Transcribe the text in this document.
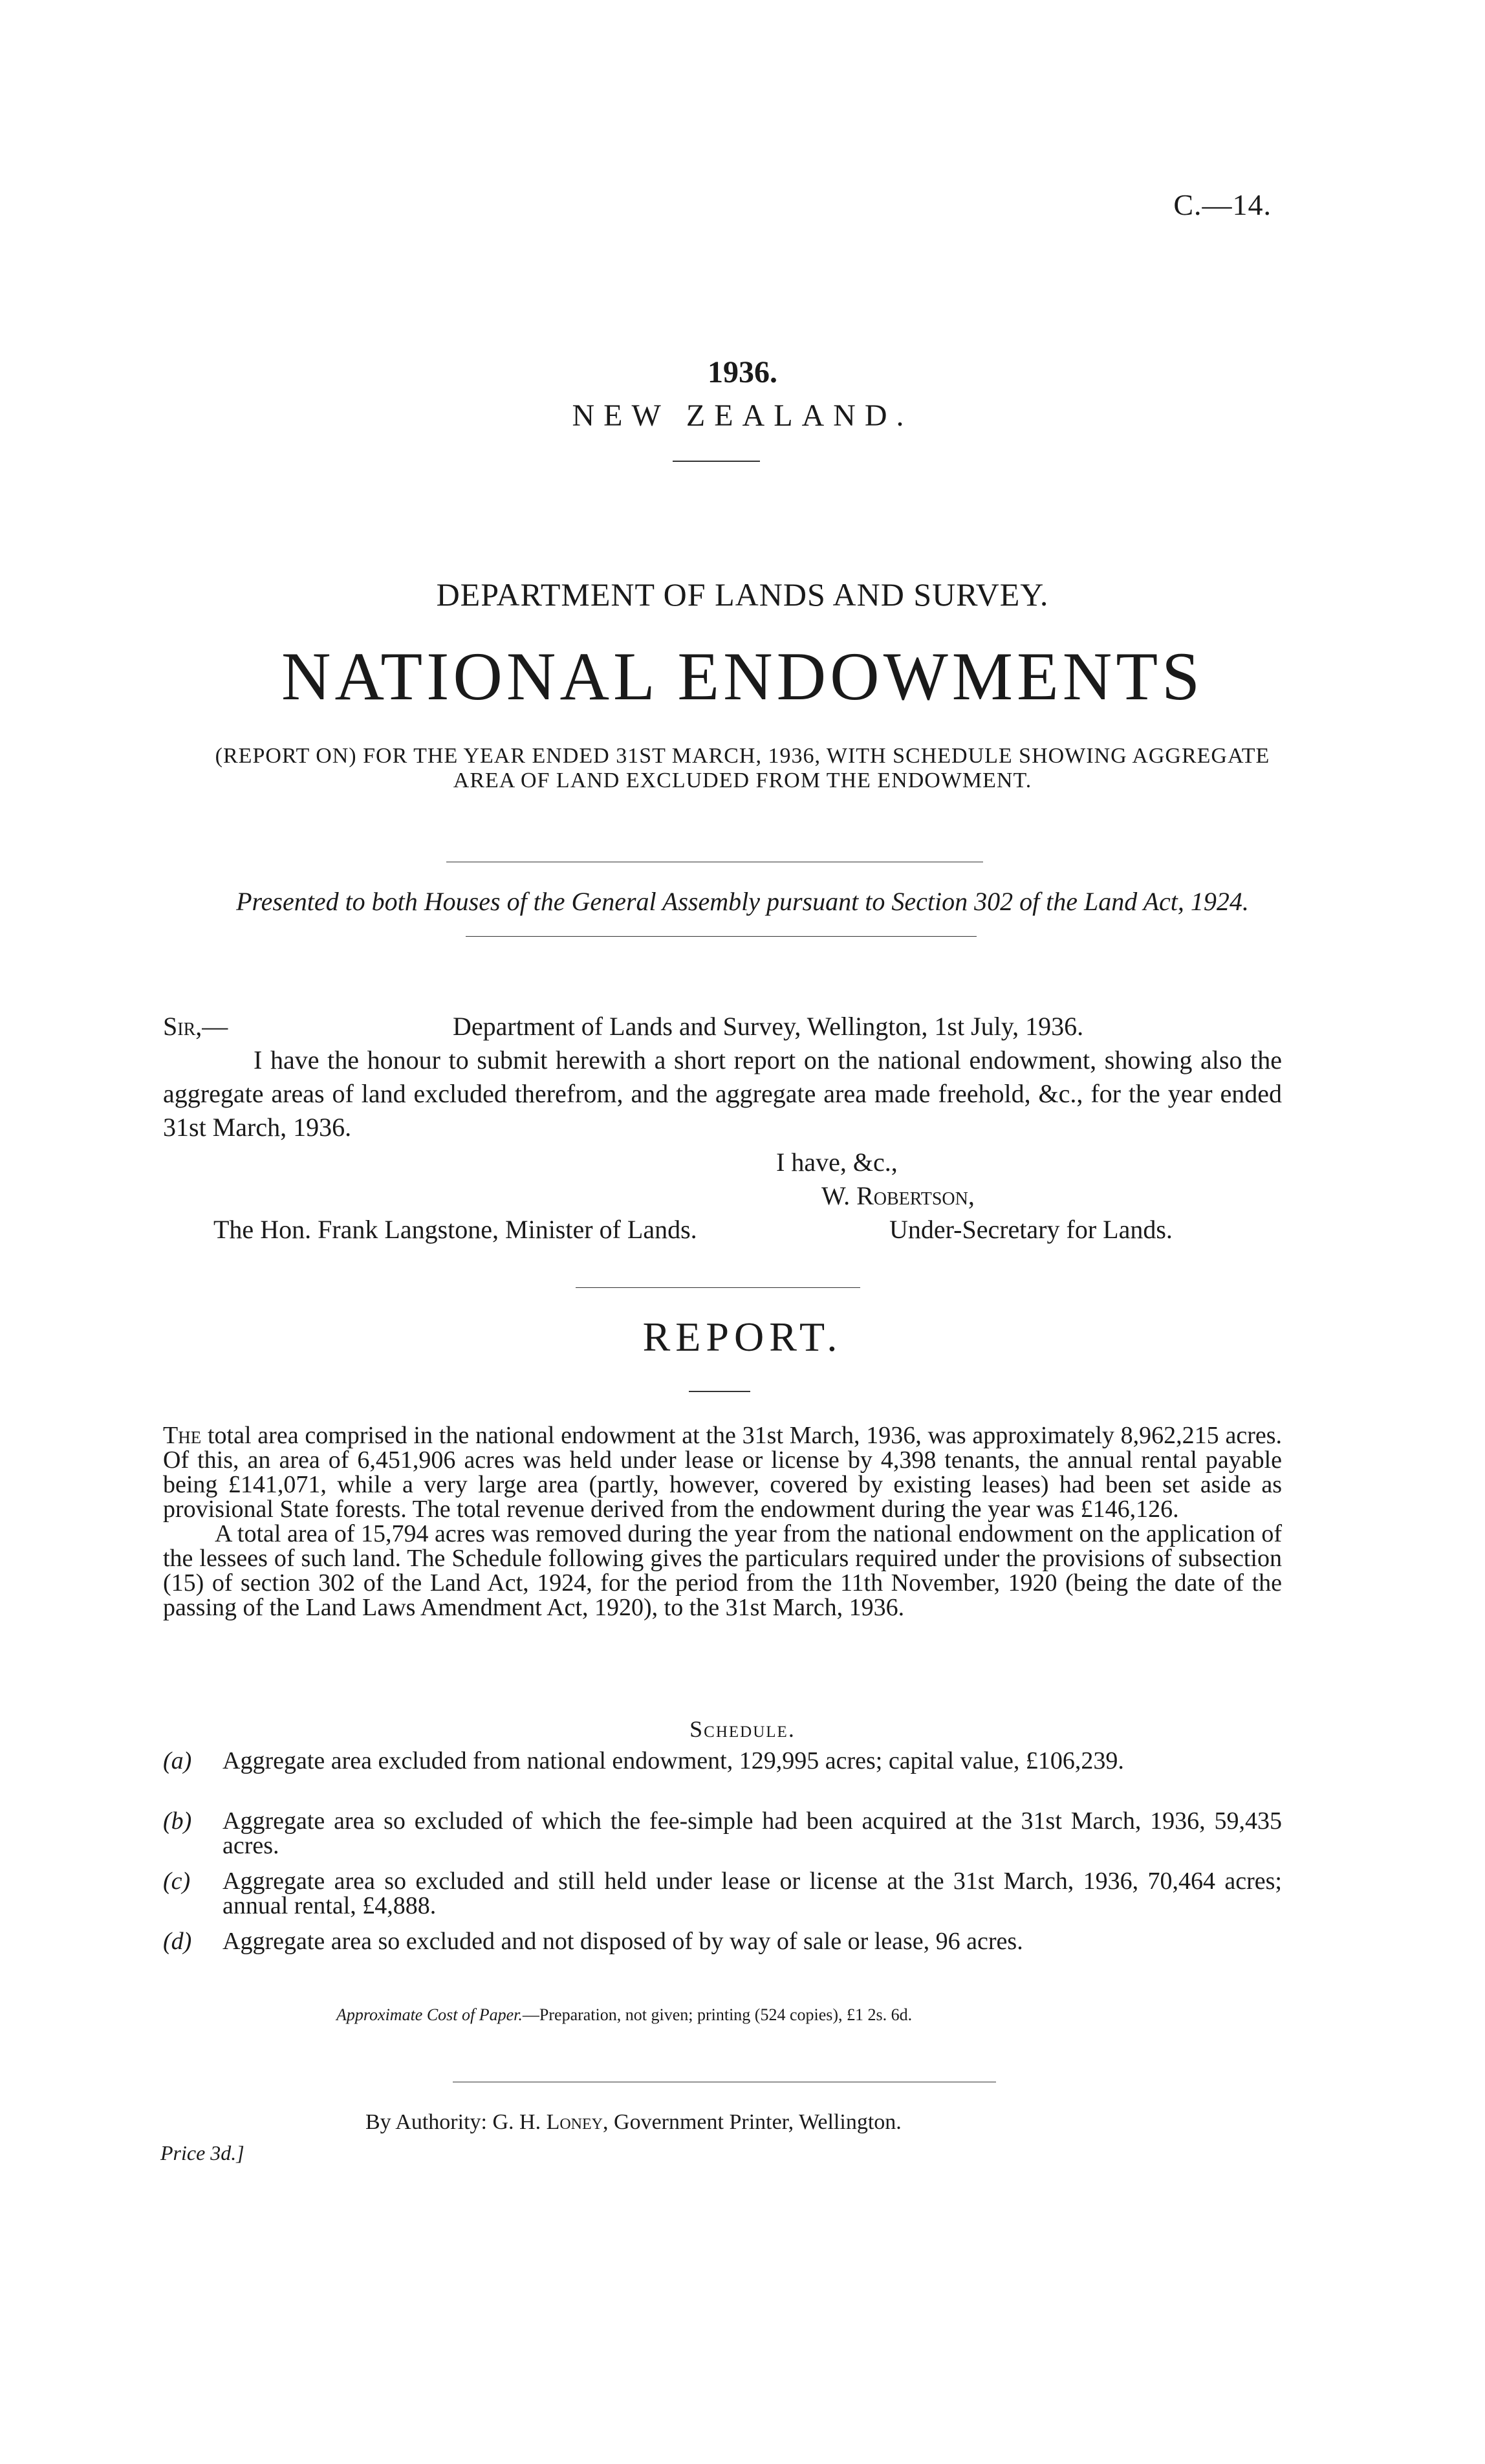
C.—14.
1936.
NEW ZEALAND.
DEPARTMENT OF LANDS AND SURVEY.
NATIONAL ENDOWMENTS
(REPORT ON) FOR THE YEAR ENDED 31ST MARCH, 1936, WITH SCHEDULE SHOWING AGGREGATE
AREA OF LAND EXCLUDED FROM THE ENDOWMENT.
Presented to both Houses of the General Assembly pursuant to Section 302 of the Land Act, 1924.
Sir,—	Department of Lands and Survey, Wellington, 1st July, 1936.
I have the honour to submit herewith a short report on the national endowment, showing also the aggregate areas of land excluded therefrom, and the aggregate area made freehold, &c., for the year ended 31st March, 1936.
I have, &c.,
W. Robertson,
The Hon. Frank Langstone, Minister of Lands.	Under-Secretary for Lands.
REPORT.

The total area comprised in the national endowment at the 31st March, 1936, was approximately 8,962,215 acres. Of this, an area of 6,451,906 acres was held under lease or license by 4,398 tenants, the annual rental payable being £141,071, while a very large area (partly, however, covered by existing leases) had been set aside as provisional State forests. The total revenue derived from the endowment during the year was £146,126.

A total area of 15,794 acres was removed during the year from the national endowment on the application of the lessees of such land. The Schedule following gives the particulars required under the provisions of subsection (15) of section 302 of the Land Act, 1924, for the period from the 11th November, 1920 (being the date of the passing of the Land Laws Amendment Act, 1920), to the 31st March, 1936.

Schedule.
(a) Aggregate area excluded from national endowment, 129,995 acres; capital value, £106,239.
(b) Aggregate area so excluded of which the fee-simple had been acquired at the 31st March, 1936, 59,435 acres.
(c) Aggregate area so excluded and still held under lease or license at the 31st March, 1936, 70,464 acres; annual rental, £4,888.
(d) Aggregate area so excluded and not disposed of by way of sale or lease, 96 acres.
Approximate Cost of Paper.—Preparation, not given; printing (524 copies), £1 2s. 6d.
By Authority: G. H. Loney, Government Printer, Wellington.
Price 3d.]
